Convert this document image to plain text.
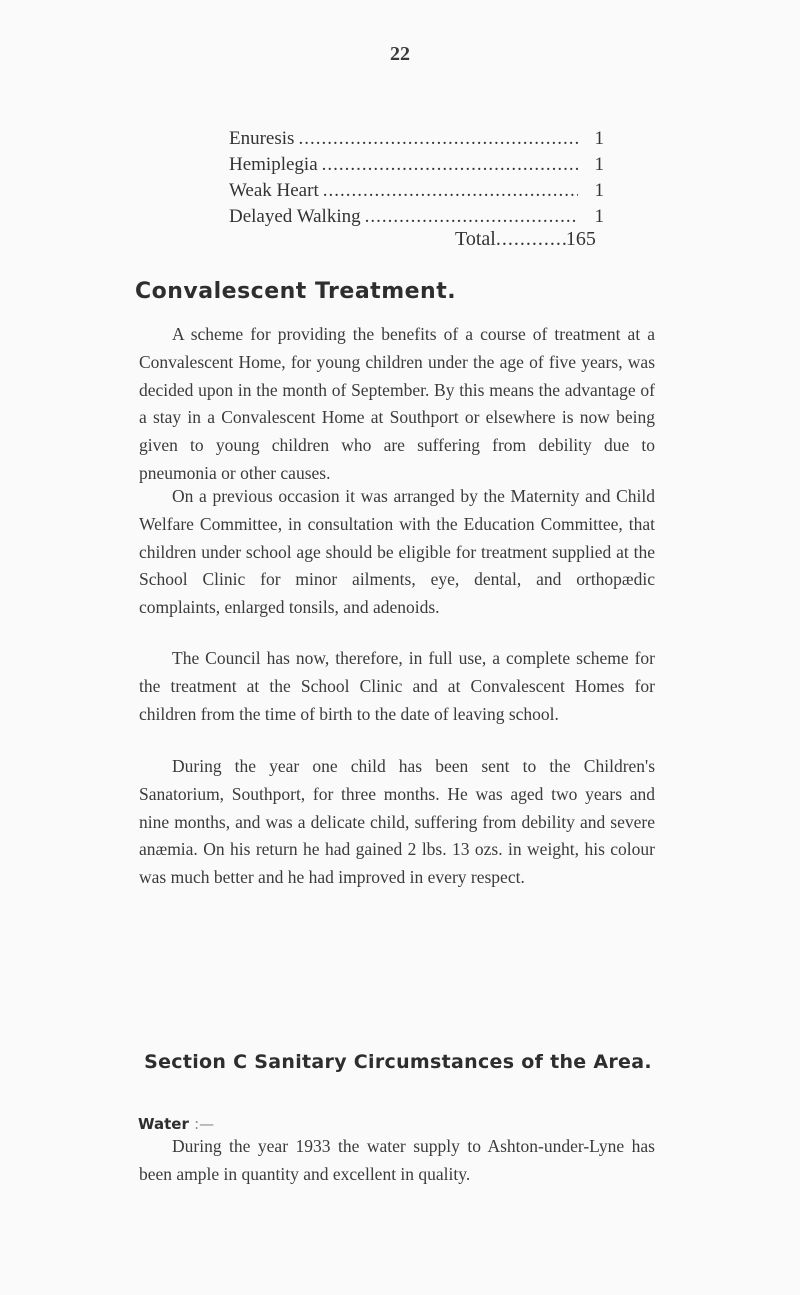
22
Enuresis .....	1
Hemiplegia .....	1
Weak Heart .....	1
Delayed Walking .....	1
Total .....	165
Convalescent Treatment.

A scheme for providing the benefits of a course of treatment at a Convalescent Home, for young children under the age of five years, was decided upon in the month of September. By this means the advantage of a stay in a Convalescent Home at Southport or elsewhere is now being given to young children who are suffering from debility due to pneumonia or other causes.

On a previous occasion it was arranged by the Maternity and Child Welfare Committee, in consultation with the Education Committee, that children under school age should be eligible for treatment supplied at the School Clinic for minor ailments, eye, dental, and orthopædic complaints, enlarged tonsils, and adenoids.

The Council has now, therefore, in full use, a complete scheme for the treatment at the School Clinic and at Convalescent Homes for children from the time of birth to the date of leaving school.

During the year one child has been sent to the Children's Sanatorium, Southport, for three months. He was aged two years and nine months, and was a delicate child, suffering from debility and severe anæmia. On his return he had gained 2 lbs. 13 ozs. in weight, his colour was much better and he had improved in every respect.

Section C Sanitary Circumstances of the Area.
Water :—

During the year 1933 the water supply to Ashton-under-Lyne has been ample in quantity and excellent in quality.
